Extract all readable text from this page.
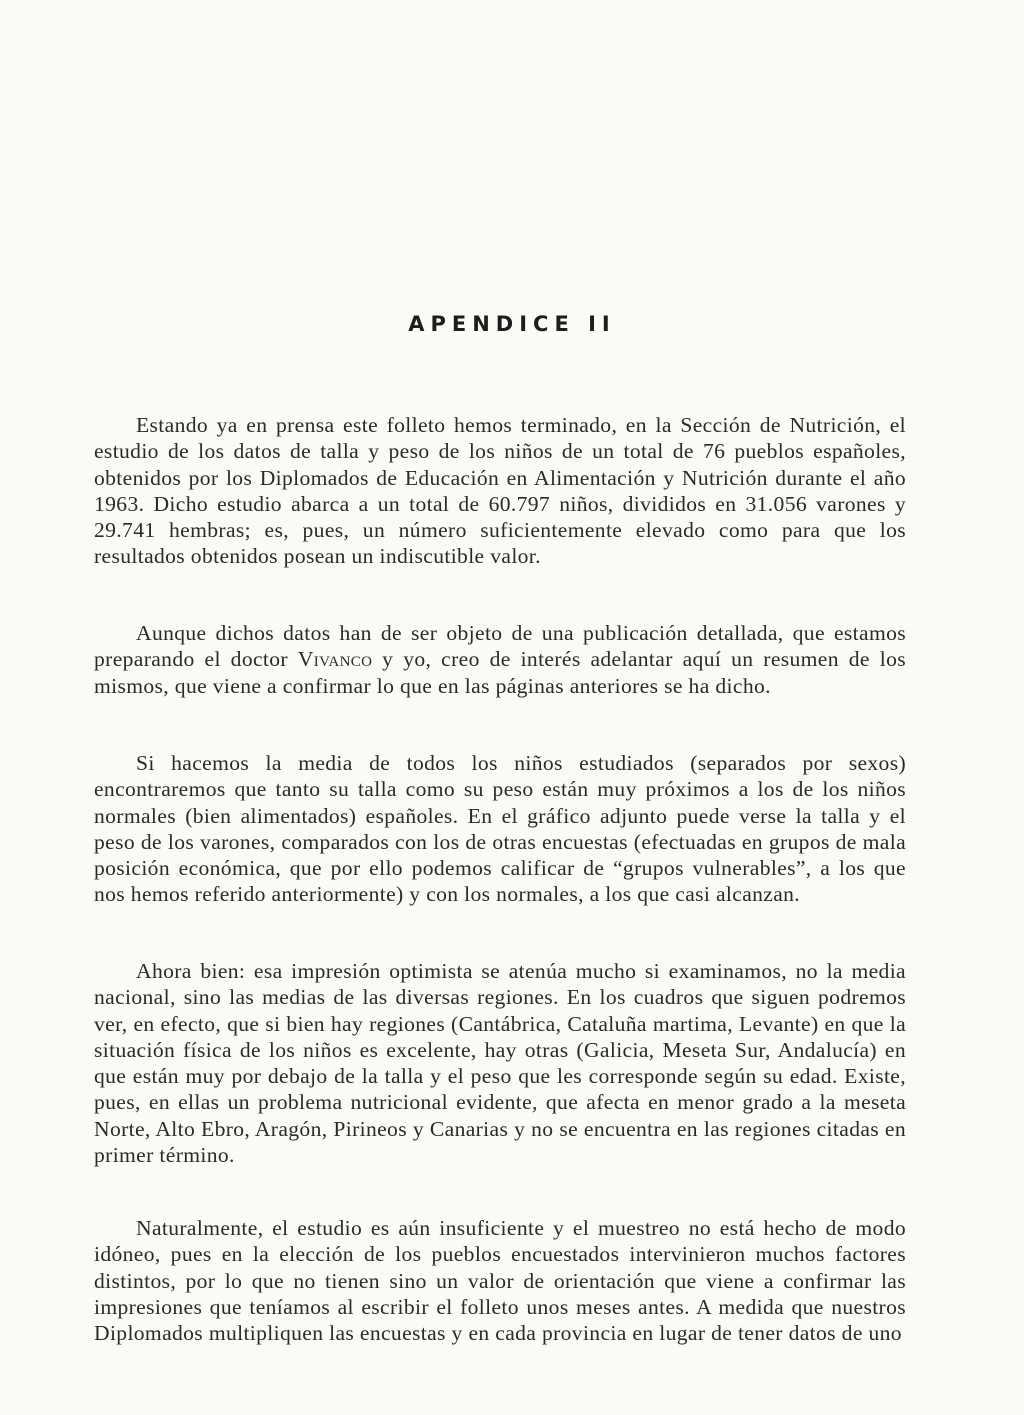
APENDICE II

Estando ya en prensa este folleto hemos terminado, en la Sección de Nutrición, el estudio de los datos de talla y peso de los niños de un total de 76 pueblos españoles, obtenidos por los Diplomados de Educación en Alimentación y Nutrición durante el año 1963. Dicho estudio abarca a un total de 60.797 niños, divididos en 31.056 varones y 29.741 hembras; es, pues, un número suficientemente elevado como para que los resultados obtenidos posean un indiscutible valor.

Aunque dichos datos han de ser objeto de una publicación detallada, que estamos preparando el doctor Vivanco y yo, creo de interés adelantar aquí un resumen de los mismos, que viene a confirmar lo que en las páginas anteriores se ha dicho.

Si hacemos la media de todos los niños estudiados (separados por sexos) encontraremos que tanto su talla como su peso están muy próximos a los de los niños normales (bien alimentados) españoles. En el gráfico adjunto puede verse la talla y el peso de los varones, comparados con los de otras encuestas (efectuadas en grupos de mala posición económica, que por ello podemos calificar de “grupos vulnerables”, a los que nos hemos referido anteriormente) y con los normales, a los que casi alcanzan.

Ahora bien: esa impresión optimista se atenúa mucho si examinamos, no la media nacional, sino las medias de las diversas regiones. En los cuadros que siguen podremos ver, en efecto, que si bien hay regiones (Cantábrica, Cataluña martima, Levante) en que la situación física de los niños es excelente, hay otras (Galicia, Meseta Sur, Andalucía) en que están muy por debajo de la talla y el peso que les corresponde según su edad. Existe, pues, en ellas un problema nutricional evidente, que afecta en menor grado a la meseta Norte, Alto Ebro, Aragón, Pirineos y Canarias y no se encuentra en las regiones citadas en primer término.

Naturalmente, el estudio es aún insuficiente y el muestreo no está hecho de modo idóneo, pues en la elección de los pueblos encuestados intervinieron muchos factores distintos, por lo que no tienen sino un valor de orientación que viene a confirmar las impresiones que teníamos al escribir el folleto unos meses antes. A medida que nuestros Diplomados multipliquen las encuestas y en cada provincia en lugar de tener datos de uno
